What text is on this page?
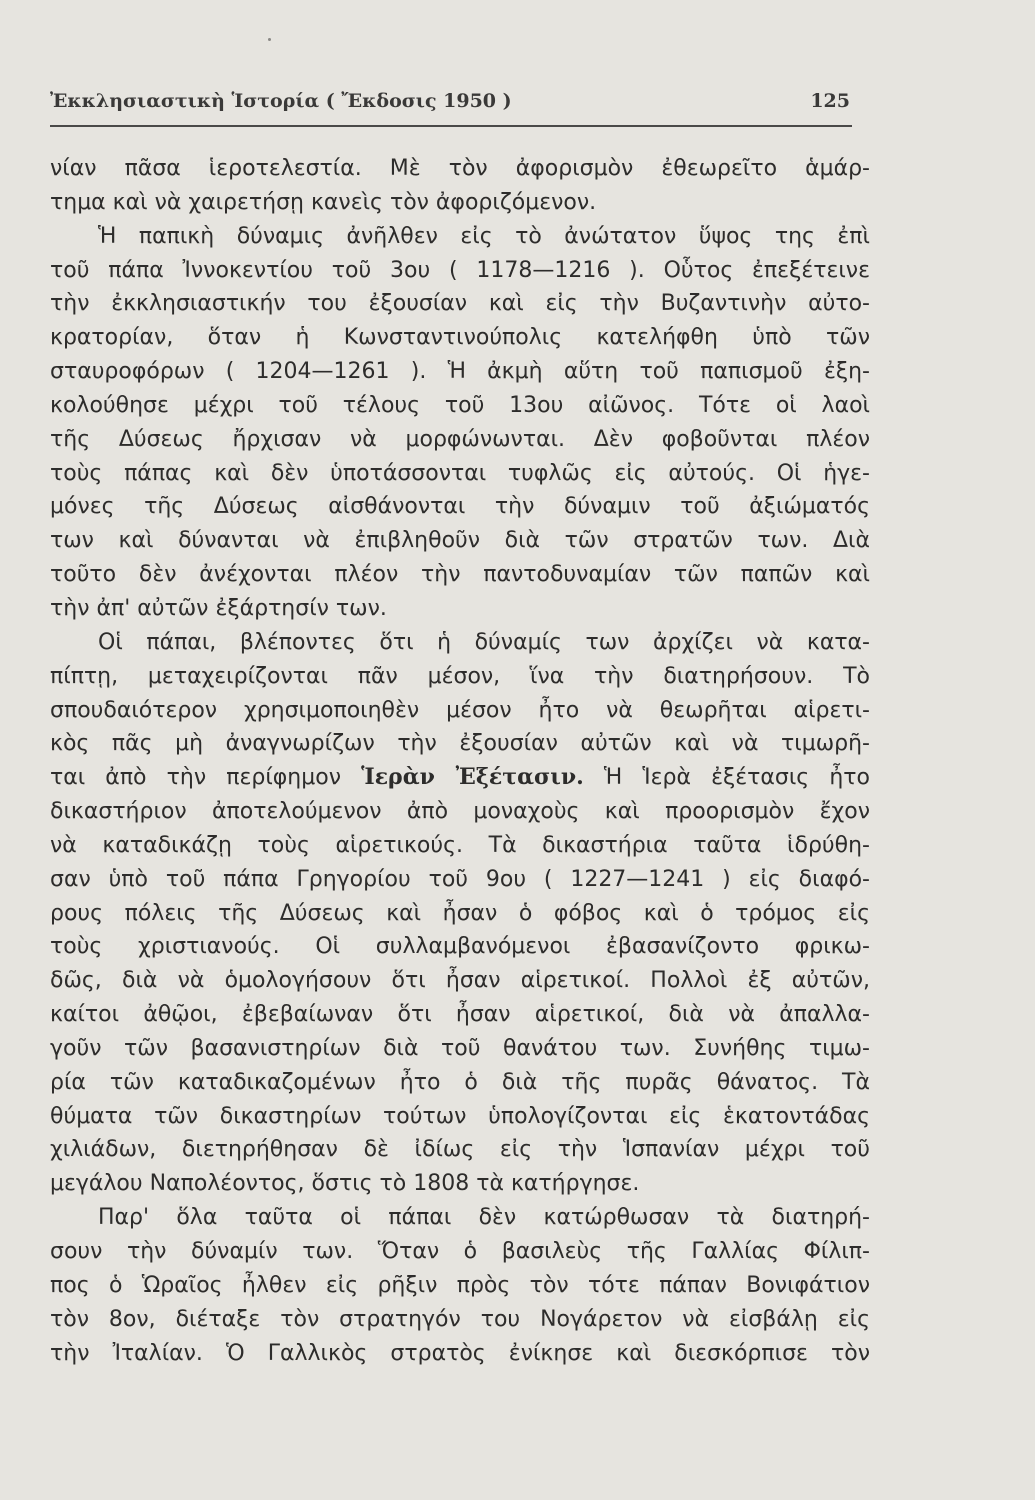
Ἐκκλησιαστικὴ Ἱστορία ( Ἔκδοσις 1950 )	125
νίαν πᾶσα ἱεροτελεστία. Μὲ τὸν ἀφορισμὸν ἐθεωρεῖτο ἁμάρ-
τημα καὶ νὰ χαιρετήσῃ κανεὶς τὸν ἀφοριζόμενον.
Ἡ παπικὴ δύναμις ἀνῆλθεν εἰς τὸ ἀνώτατον ὕψος της ἐπὶ
τοῦ πάπα Ἰννοκεντίου τοῦ 3ου ( 1178—1216 ). Οὗτος ἐπεξέτεινε
τὴν ἐκκλησιαστικήν του ἐξουσίαν καὶ εἰς τὴν Βυζαντινὴν αὐτο-
κρατορίαν, ὅταν ἡ Κωνσταντινούπολις κατελήφθη ὑπὸ τῶν
σταυροφόρων ( 1204—1261 ). Ἡ ἀκμὴ αὕτη τοῦ παπισμοῦ ἐξη-
κολούθησε μέχρι τοῦ τέλους τοῦ 13ου αἰῶνος. Τότε οἱ λαοὶ
τῆς Δύσεως ἤρχισαν νὰ μορφώνωνται. Δὲν φοβοῦνται πλέον
τοὺς πάπας καὶ δὲν ὑποτάσσονται τυφλῶς εἰς αὐτούς. Οἱ ἡγε-
μόνες τῆς Δύσεως αἰσθάνονται τὴν δύναμιν τοῦ ἀξιώματός
των καὶ δύνανται νὰ ἐπιβληθοῦν διὰ τῶν στρατῶν των. Διὰ
τοῦτο δὲν ἀνέχονται πλέον τὴν παντοδυναμίαν τῶν παπῶν καὶ
τὴν ἀπ' αὐτῶν ἐξάρτησίν των.
Οἱ πάπαι, βλέποντες ὅτι ἡ δύναμίς των ἀρχίζει νὰ κατα-
πίπτῃ, μεταχειρίζονται πᾶν μέσον, ἵνα τὴν διατηρήσουν. Τὸ
σπουδαιότερον χρησιμοποιηθὲν μέσον ἦτο νὰ θεωρῆται αἱρετι-
κὸς πᾶς μὴ ἀναγνωρίζων τὴν ἐξουσίαν αὐτῶν καὶ νὰ τιμωρῆ-
ται ἀπὸ τὴν περίφημον Ἱερὰν Ἐξέτασιν. Ἡ Ἱερὰ ἐξέτασις ἦτο
δικαστήριον ἀποτελούμενον ἀπὸ μοναχοὺς καὶ προορισμὸν ἔχον
νὰ καταδικάζῃ τοὺς αἱρετικούς. Τὰ δικαστήρια ταῦτα ἱδρύθη-
σαν ὑπὸ τοῦ πάπα Γρηγορίου τοῦ 9ου ( 1227—1241 ) εἰς διαφό-
ρους πόλεις τῆς Δύσεως καὶ ἦσαν ὁ φόβος καὶ ὁ τρόμος εἰς
τοὺς χριστιανούς. Οἱ συλλαμβανόμενοι ἐβασανίζοντο φρικω-
δῶς, διὰ νὰ ὁμολογήσουν ὅτι ἦσαν αἱρετικοί. Πολλοὶ ἐξ αὐτῶν,
καίτοι ἀθῷοι, ἐβεβαίωναν ὅτι ἦσαν αἱρετικοί, διὰ νὰ ἀπαλλα-
γοῦν τῶν βασανιστηρίων διὰ τοῦ θανάτου των. Συνήθης τιμω-
ρία τῶν καταδικαζομένων ἦτο ὁ διὰ τῆς πυρᾶς θάνατος. Τὰ
θύματα τῶν δικαστηρίων τούτων ὑπολογίζονται εἰς ἑκατοντάδας
χιλιάδων, διετηρήθησαν δὲ ἰδίως εἰς τὴν Ἱσπανίαν μέχρι τοῦ
μεγάλου Ναπολέοντος, ὅστις τὸ 1808 τὰ κατήργησε.
Παρ' ὅλα ταῦτα οἱ πάπαι δὲν κατώρθωσαν τὰ διατηρή-
σουν τὴν δύναμίν των. Ὅταν ὁ βασιλεὺς τῆς Γαλλίας Φίλιπ-
πος ὁ Ὡραῖος ἦλθεν εἰς ρῆξιν πρὸς τὸν τότε πάπαν Βονιφάτιον
τὸν 8ον, διέταξε τὸν στρατηγόν του Νογάρετον νὰ εἰσβάλῃ εἰς
τὴν Ἰταλίαν. Ὁ Γαλλικὸς στρατὸς ἐνίκησε καὶ διεσκόρπισε τὸν
